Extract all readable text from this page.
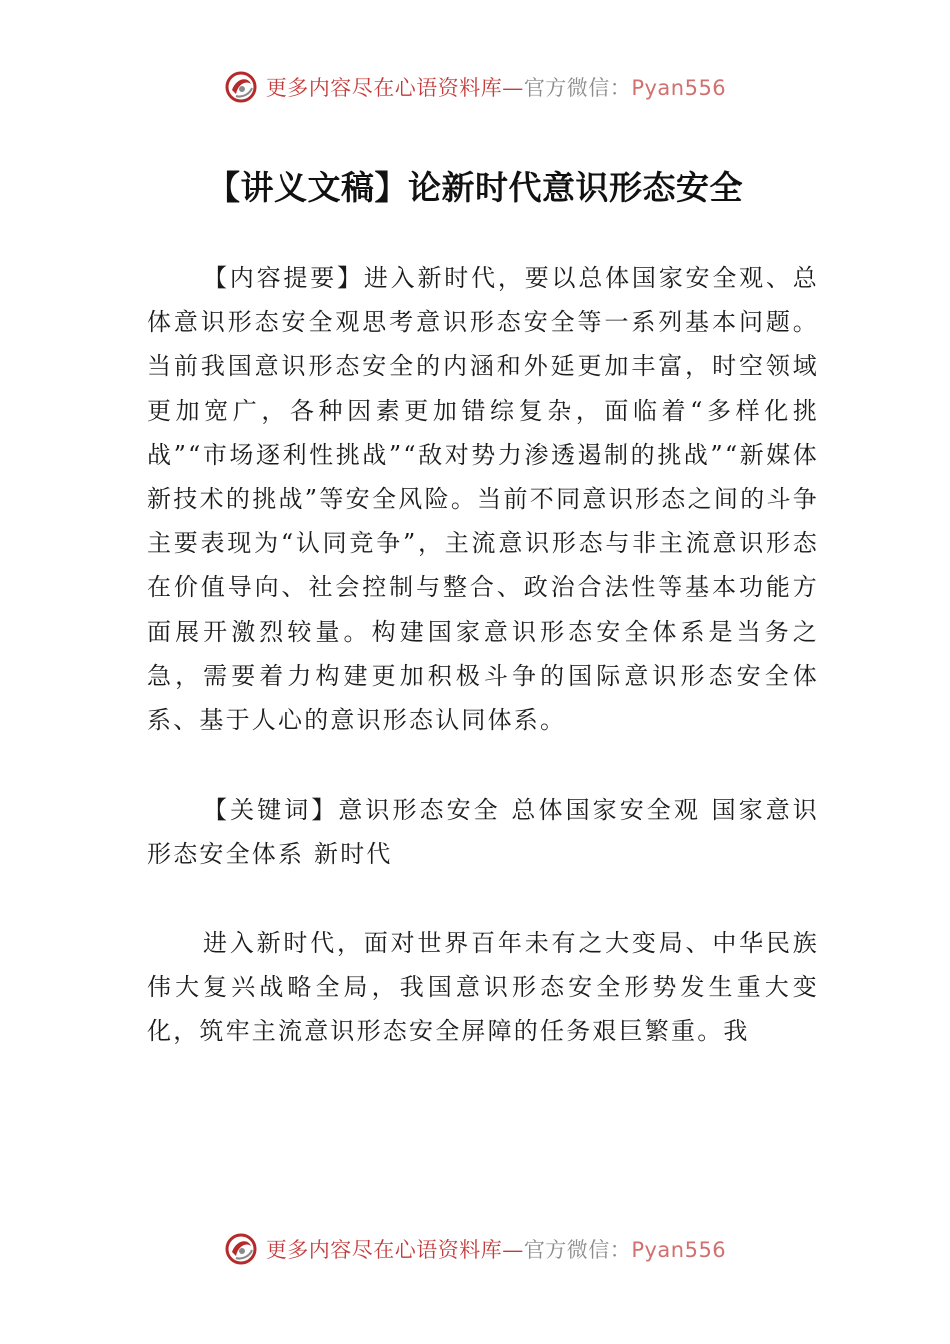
更多内容尽在心语资料库—官方微信：Pyan556
【讲义文稿】论新时代意识形态安全

【内容提要】进入新时代，要以总体国家安全观、总体意识形态安全观思考意识形态安全等一系列基本问题。当前我国意识形态安全的内涵和外延更加丰富，时空领域更加宽广，各种因素更加错综复杂，面临着“多样化挑战”“市场逐利性挑战”“敌对势力渗透遏制的挑战”“新媒体新技术的挑战”等安全风险。当前不同意识形态之间的斗争主要表现为“认同竞争”，主流意识形态与非主流意识形态在价值导向、社会控制与整合、政治合法性等基本功能方面展开激烈较量。构建国家意识形态安全体系是当务之急，需要着力构建更加积极斗争的国际意识形态安全体系、基于人心的意识形态认同体系。

【关键词】意识形态安全 总体国家安全观 国家意识形态安全体系 新时代

进入新时代，面对世界百年未有之大变局、中华民族伟大复兴战略全局，我国意识形态安全形势发生重大变化，筑牢主流意识形态安全屏障的任务艰巨繁重。我

更多内容尽在心语资料库—官方微信：Pyan556
